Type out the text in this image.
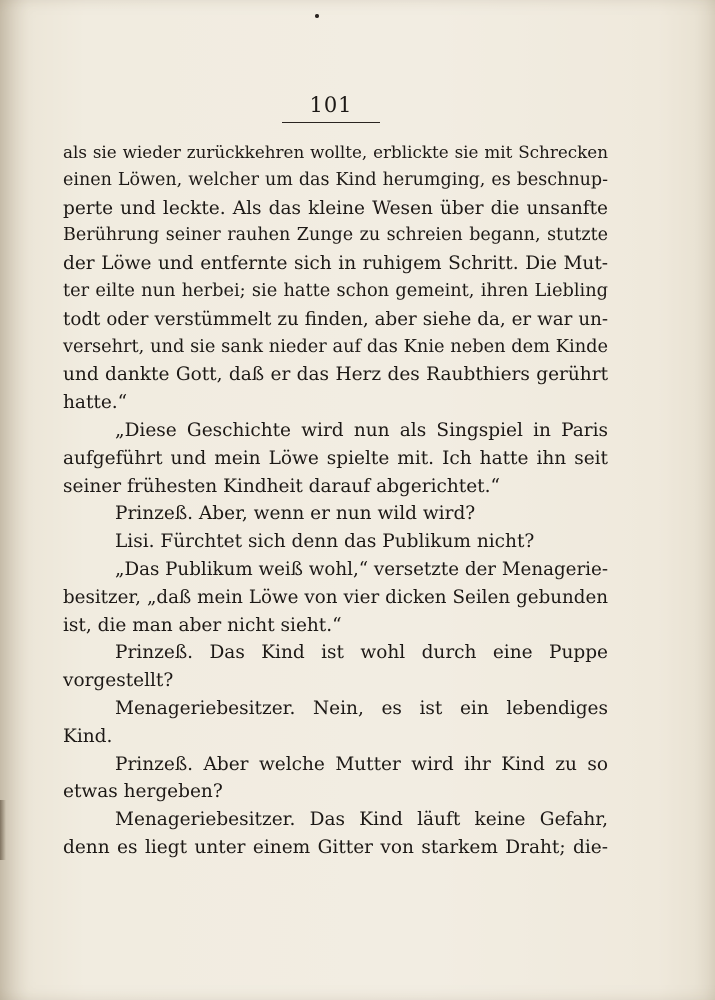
101
als sie wieder zurückkehren wollte, erblickte sie mit Schrecken
einen Löwen, welcher um das Kind herumging, es beschnup-
perte und leckte. Als das kleine Wesen über die unsanfte
Berührung seiner rauhen Zunge zu schreien begann, stutzte
der Löwe und entfernte sich in ruhigem Schritt. Die Mut-
ter eilte nun herbei; sie hatte schon gemeint, ihren Liebling
todt oder verstümmelt zu finden, aber siehe da, er war un-
versehrt, und sie sank nieder auf das Knie neben dem Kinde
und dankte Gott, daß er das Herz des Raubthiers gerührt
hatte.“
„Diese Geschichte wird nun als Singspiel in Paris
aufgeführt und mein Löwe spielte mit. Ich hatte ihn seit
seiner frühesten Kindheit darauf abgerichtet.“
Prinzeß. Aber, wenn er nun wild wird?
Lisi. Fürchtet sich denn das Publikum nicht?
„Das Publikum weiß wohl,“ versetzte der Menagerie-
besitzer, „daß mein Löwe von vier dicken Seilen gebunden
ist, die man aber nicht sieht.“
Prinzeß. Das Kind ist wohl durch eine Puppe
vorgestellt?
Menageriebesitzer. Nein, es ist ein lebendiges
Kind.
Prinzeß. Aber welche Mutter wird ihr Kind zu so
etwas hergeben?
Menageriebesitzer. Das Kind läuft keine Gefahr,
denn es liegt unter einem Gitter von starkem Draht; die-
